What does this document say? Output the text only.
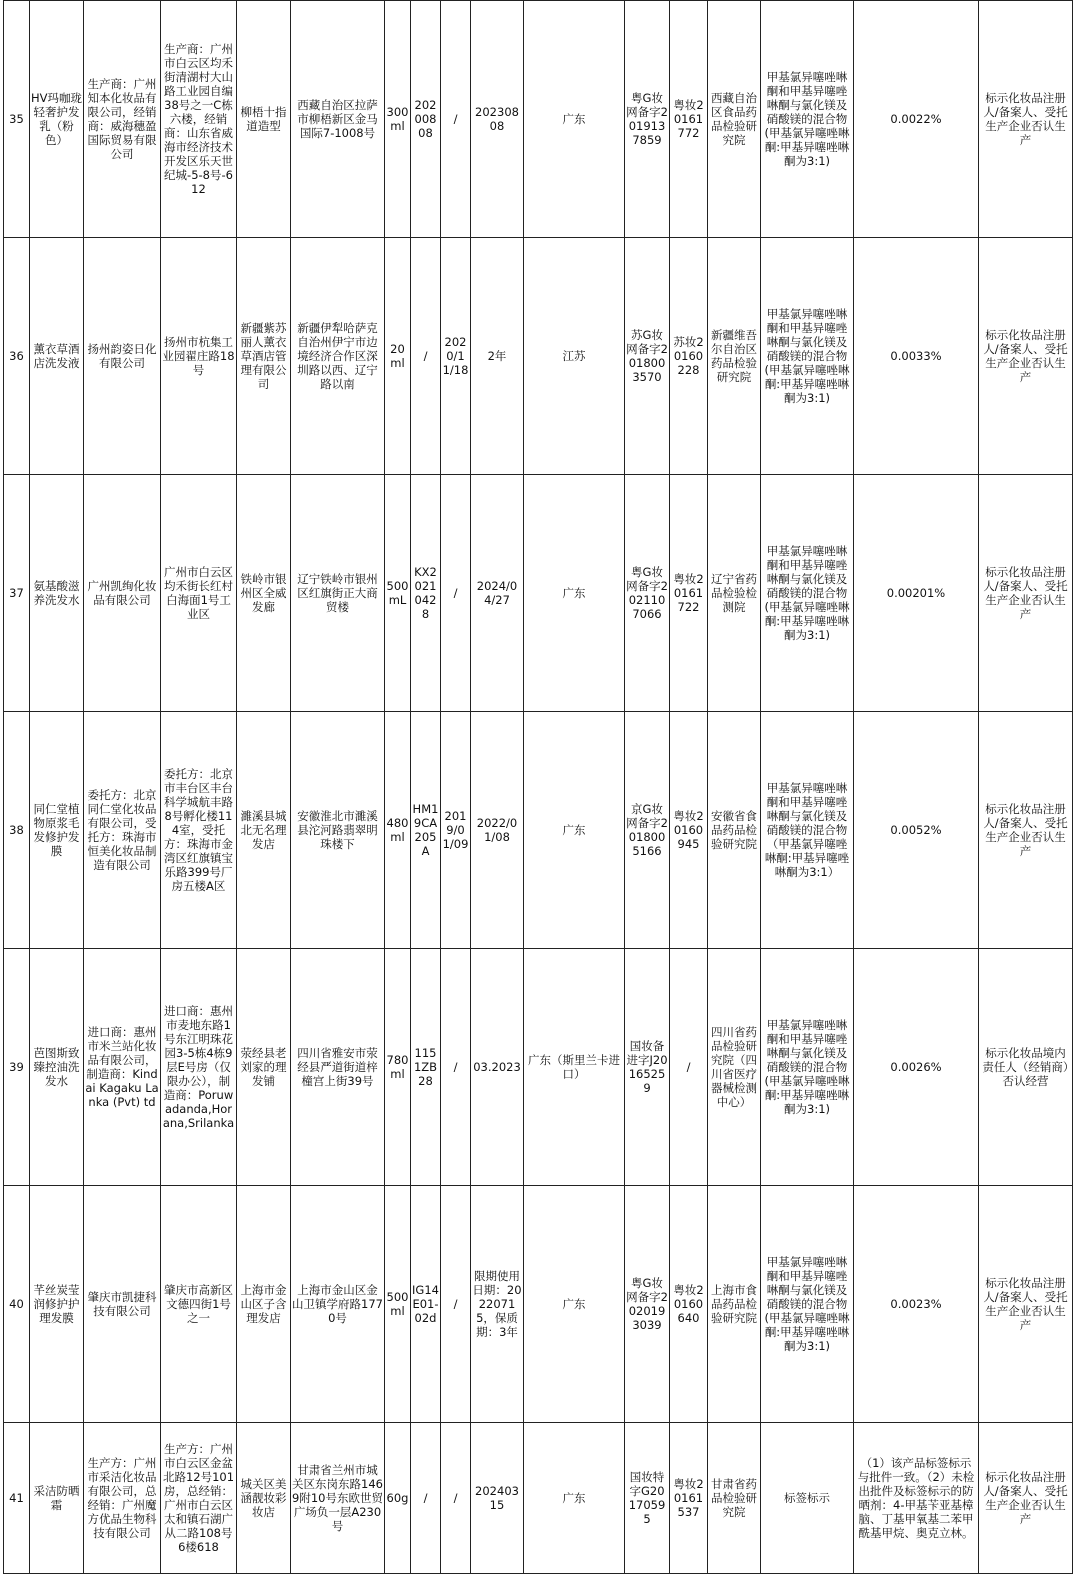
35	HV玛咖珑轻奢护发乳（粉色）	生产商：广州知本化妆品有限公司，经销商：威海穗盈国际贸易有限公司	生产商：广州市白云区均禾街清湖村大山路工业园自编38号之一C栋六楼，经销商：山东省威海市经济技术开发区乐天世纪城-5-8号-612	柳梧十指道造型	西藏自治区拉萨市柳梧新区金马国际7-1008号	300ml	20200808	/	20230808	广东	粤G妆网备字2019137859	粤妆20161772	西藏自治区食品药品检验研究院	甲基氯异噻唑啉酮和甲基异噻唑啉酮与氯化镁及硝酸镁的混合物(甲基氯异噻唑啉酮:甲基异噻唑啉酮为3:1)	0.0022%	标示化妆品注册人/备案人、受托生产企业否认生产
36	薰衣草酒店洗发液	扬州韵姿日化有限公司	扬州市杭集工业园翟庄路18号	新疆紫苏丽人薰衣草酒店管理有限公司	新疆伊犁哈萨克自治州伊宁市边境经济合作区深圳路以西、辽宁路以南	20ml	/	2020/11/18	2年	江苏	苏G妆网备字2018003570	苏妆20160228	新疆维吾尔自治区药品检验研究院	甲基氯异噻唑啉酮和甲基异噻唑啉酮与氯化镁及硝酸镁的混合物(甲基氯异噻唑啉酮:甲基异噻唑啉酮为3:1)	0.0033%	标示化妆品注册人/备案人、受托生产企业否认生产
37	氨基酸滋养洗发水	广州凯绚化妆品有限公司	广州市白云区均禾街长红村白海面1号工业区	铁岭市银州区全威发廊	辽宁铁岭市银州区红旗街正大商贸楼	500mL	KX20210428	/	2024/04/27	广东	粤G妆网备字2021107066	粤妆20161722	辽宁省药品检验检测院	甲基氯异噻唑啉酮和甲基异噻唑啉酮与氯化镁及硝酸镁的混合物(甲基氯异噻唑啉酮:甲基异噻唑啉酮为3:1)	0.00201%	标示化妆品注册人/备案人、受托生产企业否认生产
38	同仁堂植物原浆毛发修护发膜	委托方：北京同仁堂化妆品有限公司，受托方：珠海市恒美化妆品制造有限公司	委托方：北京市丰台区丰台科学城航丰路8号孵化楼114室，受托方：珠海市金湾区红旗镇宝乐路399号厂房五楼A区	濉溪县城北无名理发店	安徽淮北市濉溪县沱河路翡翠明珠楼下	480ml	HM19CA205A	2019/01/09	2022/01/08	广东	京G妆网备字2018005166	粤妆20160945	安徽省食品药品检验研究院	甲基氯异噻唑啉酮和甲基异噻唑啉酮与氯化镁及硝酸镁的混合物（甲基氯异噻唑啉酮:甲基异噻唑啉酮为3:1）	0.0052%	标示化妆品注册人/备案人、受托生产企业否认生产
39	芭图斯致臻控油洗发水	进口商：惠州市米兰站化妆品有限公司，制造商：Kindai Kagaku Lanka (Pvt) td	进口商：惠州市麦地东路1号东江明珠花园3-5栋4栋9层E号房（仅限办公），制造商：Poruwadanda,Horana,Srilanka	荥经县老刘家的理发铺	四川省雅安市荥经县严道街道梓橦宫上街39号	780ml	1151ZB28	/	03.2023	广东（斯里兰卡进口）	国妆备进字J20165259	/	四川省药品检验研究院（四川省医疗器械检测中心）	甲基氯异噻唑啉酮和甲基异噻唑啉酮与氯化镁及硝酸镁的混合物(甲基氯异噻唑啉酮:甲基异噻唑啉酮为3:1)	0.0026%	标示化妆品境内责任人（经销商）否认经营
40	芊丝炭莹润修护护理发膜	肇庆市凯捷科技有限公司	肇庆市高新区文德四街1号之一	上海市金山区子含理发店	上海市金山区金山卫镇学府路1770号	500ml	IG14E01-02d	/	限期使用日期：20220715，保质期：3年	广东	粤G妆网备字2020193039	粤妆20160640	上海市食品药品检验研究院	甲基氯异噻唑啉酮和甲基异噻唑啉酮与氯化镁及硝酸镁的混合物(甲基氯异噻唑啉酮:甲基异噻唑啉酮为3:1)	0.0023%	标示化妆品注册人/备案人、受托生产企业否认生产
41	采洁防晒霜	生产方：广州市采洁化妆品有限公司，总经销：广州魔方优品生物科技有限公司	生产方：广州市白云区金盆北路12号101房，总经销：广州市白云区太和镇石湖广从二路108号6楼618	城关区美涵靓妆彩妆店	甘肃省兰州市城关区东岗东路1469附10号东欧世贸广场负一层A230号	60g	/	/	20240315	广东	国妆特字G20170595	粤妆20161537	甘肃省药品检验研究院	标签标示	（1）该产品标签标示与批件一致。（2）未检出批件及标签标示的防晒剂：4-甲基苄亚基樟脑、丁基甲氧基二苯甲酰基甲烷、奥克立林。	标示化妆品注册人/备案人、受托生产企业否认生产
